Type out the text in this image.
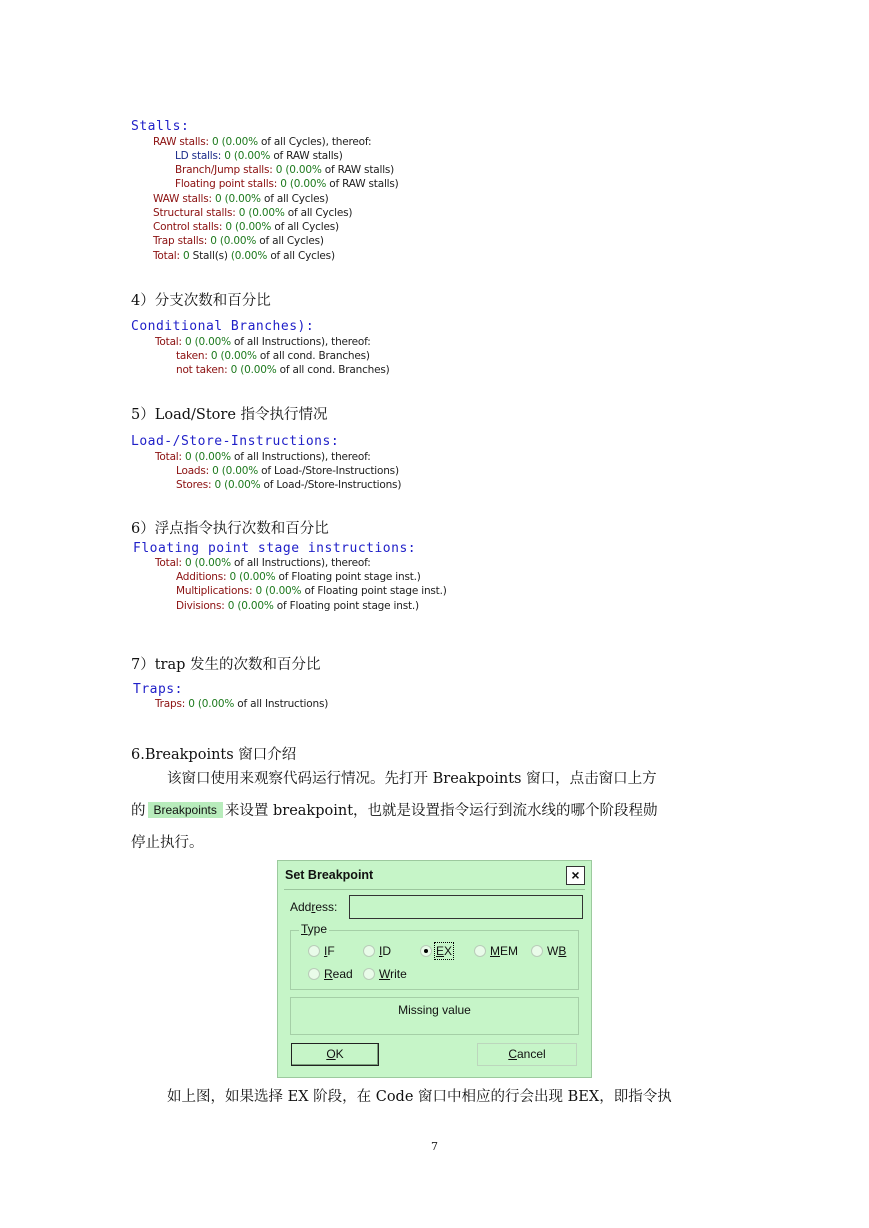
Stalls:
RAW stalls: 0 (0.00% of all Cycles), thereof:
LD stalls: 0 (0.00% of RAW stalls)
Branch/Jump stalls: 0 (0.00% of RAW stalls)
Floating point stalls: 0 (0.00% of RAW stalls)
WAW stalls: 0 (0.00% of all Cycles)
Structural stalls: 0 (0.00% of all Cycles)
Control stalls: 0 (0.00% of all Cycles)
Trap stalls: 0 (0.00% of all Cycles)
Total: 0 Stall(s) (0.00% of all Cycles)
4）分支次数和百分比
Conditional Branches):
Total: 0 (0.00% of all Instructions), thereof:
taken: 0 (0.00% of all cond. Branches)
not taken: 0 (0.00% of all cond. Branches)
5）Load/Store 指令执行情况
Load-/Store-Instructions:
Total: 0 (0.00% of all Instructions), thereof:
Loads: 0 (0.00% of Load-/Store-Instructions)
Stores: 0 (0.00% of Load-/Store-Instructions)
6）浮点指令执行次数和百分比
Floating point stage instructions:
Total: 0 (0.00% of all Instructions), thereof:
Additions: 0 (0.00% of Floating point stage inst.)
Multiplications: 0 (0.00% of Floating point stage inst.)
Divisions: 0 (0.00% of Floating point stage inst.)
7）trap 发生的次数和百分比
Traps:
Traps: 0 (0.00% of all Instructions)
6.Breakpoints 窗口介绍
该窗口使用来观察代码运行情况。先打开 Breakpoints 窗口，点击窗口上方
的 Breakpoints 来设置 breakpoint，也就是设置指令运行到流水线的哪个阶段程勋
停止执行。
Set Breakpoint	×
Address:
Type
IF	ID	EX	MEM WB
Read Write
Missing value
OK	Cancel
如上图，如果选择 EX 阶段，在 Code 窗口中相应的行会出现 BEX，即指令执
7
